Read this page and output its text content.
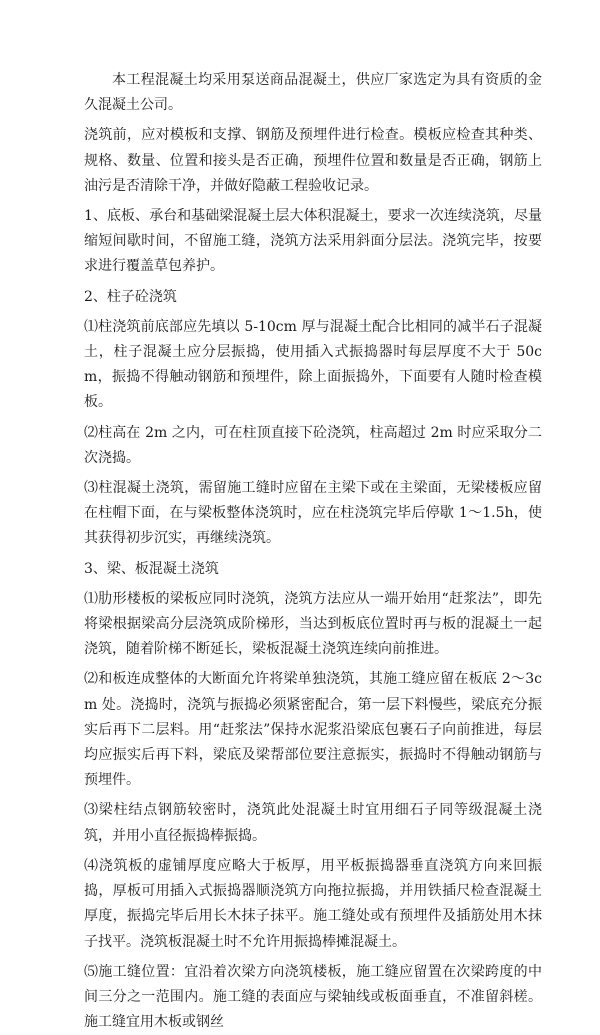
本工程混凝土均采用泵送商品混凝土，供应厂家选定为具有资质的金久混凝土公司。

浇筑前，应对模板和支撑、钢筋及预埋件进行检查。模板应检查其种类、规格、数量、位置和接头是否正确，预埋件位置和数量是否正确，钢筋上油污是否清除干净，并做好隐蔽工程验收记录。

1、底板、承台和基础梁混凝土层大体积混凝土，要求一次连续浇筑，尽量缩短间歇时间，不留施工缝，浇筑方法采用斜面分层法。浇筑完毕，按要求进行覆盖草包养护。

2、柱子砼浇筑

⑴柱浇筑前底部应先填以 5-10cm 厚与混凝土配合比相同的减半石子混凝土，柱子混凝土应分层振捣，使用插入式振捣器时每层厚度不大于 50cm，振捣不得触动钢筋和预埋件，除上面振捣外，下面要有人随时检查模板。

⑵柱高在 2m 之内，可在柱顶直接下砼浇筑，柱高超过 2m 时应采取分二次浇捣。

⑶柱混凝土浇筑，需留施工缝时应留在主梁下或在主梁面，无梁楼板应留在柱帽下面，在与梁板整体浇筑时，应在柱浇筑完毕后停歇 1～1.5h，使其获得初步沉实，再继续浇筑。

3、梁、板混凝土浇筑

⑴肋形楼板的梁板应同时浇筑，浇筑方法应从一端开始用“赶浆法”，即先将梁根据梁高分层浇筑成阶梯形，当达到板底位置时再与板的混凝土一起浇筑，随着阶梯不断延长，梁板混凝土浇筑连续向前推进。

⑵和板连成整体的大断面允许将梁单独浇筑，其施工缝应留在板底 2～3cm 处。浇捣时，浇筑与振捣必须紧密配合，第一层下料慢些，梁底充分振实后再下二层料。用“赶浆法”保持水泥浆沿梁底包裹石子向前推进，每层均应振实后再下料，梁底及梁帮部位要注意振实，振捣时不得触动钢筋与预埋件。

⑶梁柱结点钢筋较密时，浇筑此处混凝土时宜用细石子同等级混凝土浇筑，并用小直径振捣棒振捣。

⑷浇筑板的虚铺厚度应略大于板厚，用平板振捣器垂直浇筑方向来回振捣，厚板可用插入式振捣器顺浇筑方向拖拉振捣，并用铁插尺检查混凝土厚度，振捣完毕后用长木抹子抹平。施工缝处或有预埋件及插筋处用木抹子找平。浇筑板混凝土时不允许用振捣棒摊混凝土。

⑸施工缝位置：宜沿着次梁方向浇筑楼板，施工缝应留置在次梁跨度的中间三分之一范围内。施工缝的表面应与梁轴线或板面垂直，不准留斜槎。施工缝宜用木板或钢丝
